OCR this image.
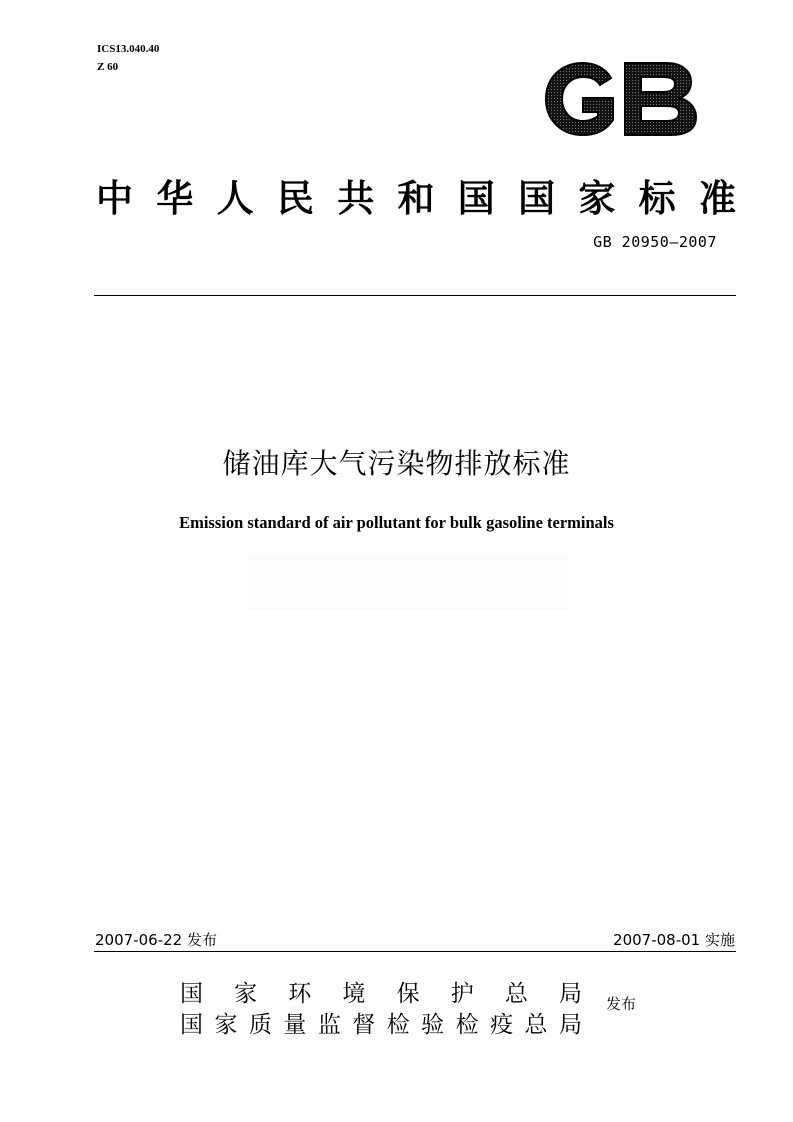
ICS13.040.40
Z 60
中 华 人 民 共 和 国 国 家 标 准
GB 20950—2007
储油库大气污染物排放标准
Emission standard of air pollutant for bulk gasoline terminals
2007-06-22 发布	2007-08-01 实施
国 家 环 境 保 护 总 局
国 家 质 量 监 督 检 验 检 疫 总 局
发布
